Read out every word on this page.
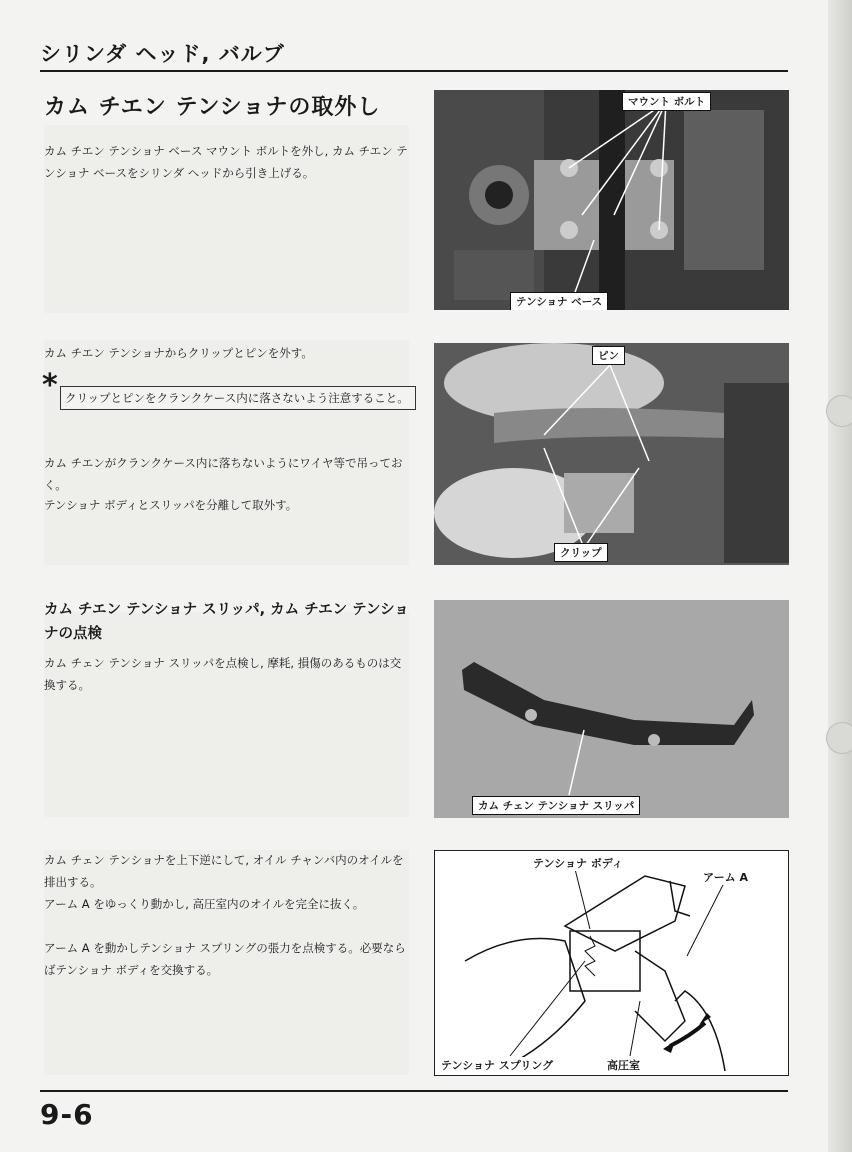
シリンダ ヘッド, バルブ
カム チエン テンショナの取外し
カム チエン テンショナ ベース マウント ボルトを外し, カム チエン テンショナ ベースをシリンダ ヘッドから引き上げる。
マウント ボルト
テンショナ ベース
カム チエン テンショナからクリップとピンを外す。
* クリップとピンをクランクケース内に落さないよう注意すること。
カム チエンがクランクケース内に落ちないようにワイヤ等で吊っておく。
テンショナ ボディとスリッパを分離して取外す。
ピン
クリップ
カム チエン テンショナ スリッパ, カム チエン テンショナの点検
カム チェン テンショナ スリッパを点検し, 摩耗, 損傷のあるものは交換する。
カム チェン テンショナ スリッパ
カム チェン テンショナを上下逆にして, オイル チャンバ内のオイルを排出する。
アーム A をゆっくり動かし, 高圧室内のオイルを完全に抜く。
アーム A を動かしテンショナ スプリングの張力を点検する。必要ならばテンショナ ボディを交換する。
テンショナ ボディ
アーム A
テンショナ スプリング	高圧室
9-6
